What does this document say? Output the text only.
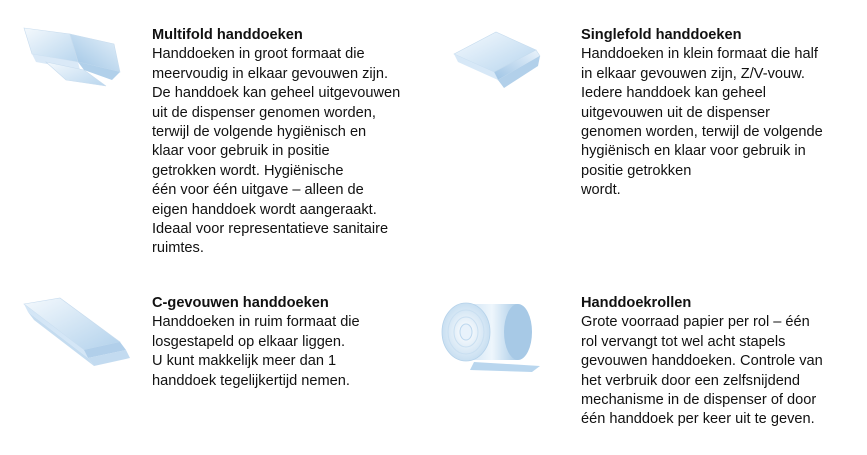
Multifold handdoeken
Handdoeken in groot formaat die
meervoudig in elkaar gevouwen zijn.
De handdoek kan geheel uitgevouwen
uit de dispenser genomen worden,
terwijl de volgende hygiënisch en
klaar voor gebruik in positie
getrokken wordt. Hygiënische
één voor één uitgave – alleen de
eigen handdoek wordt aangeraakt.
Ideaal voor representatieve sanitaire
ruimtes.
Singlefold handdoeken
Handdoeken in klein formaat die half
in elkaar gevouwen zijn, Z/V-vouw.
Iedere handdoek kan geheel
uitgevouwen uit de dispenser
genomen worden, terwijl de volgende
hygiënisch en klaar voor gebruik in
positie getrokken
wordt.
C-gevouwen handdoeken
Handdoeken in ruim formaat die
losgestapeld op elkaar liggen.
U kunt makkelijk meer dan 1
handdoek tegelijkertijd nemen.
Handdoekrollen
Grote voorraad papier per rol – één
rol vervangt tot wel acht stapels
gevouwen handdoeken. Controle van
het verbruik door een zelfsnijdend
mechanisme in de dispenser of door
één handdoek per keer uit te geven.
